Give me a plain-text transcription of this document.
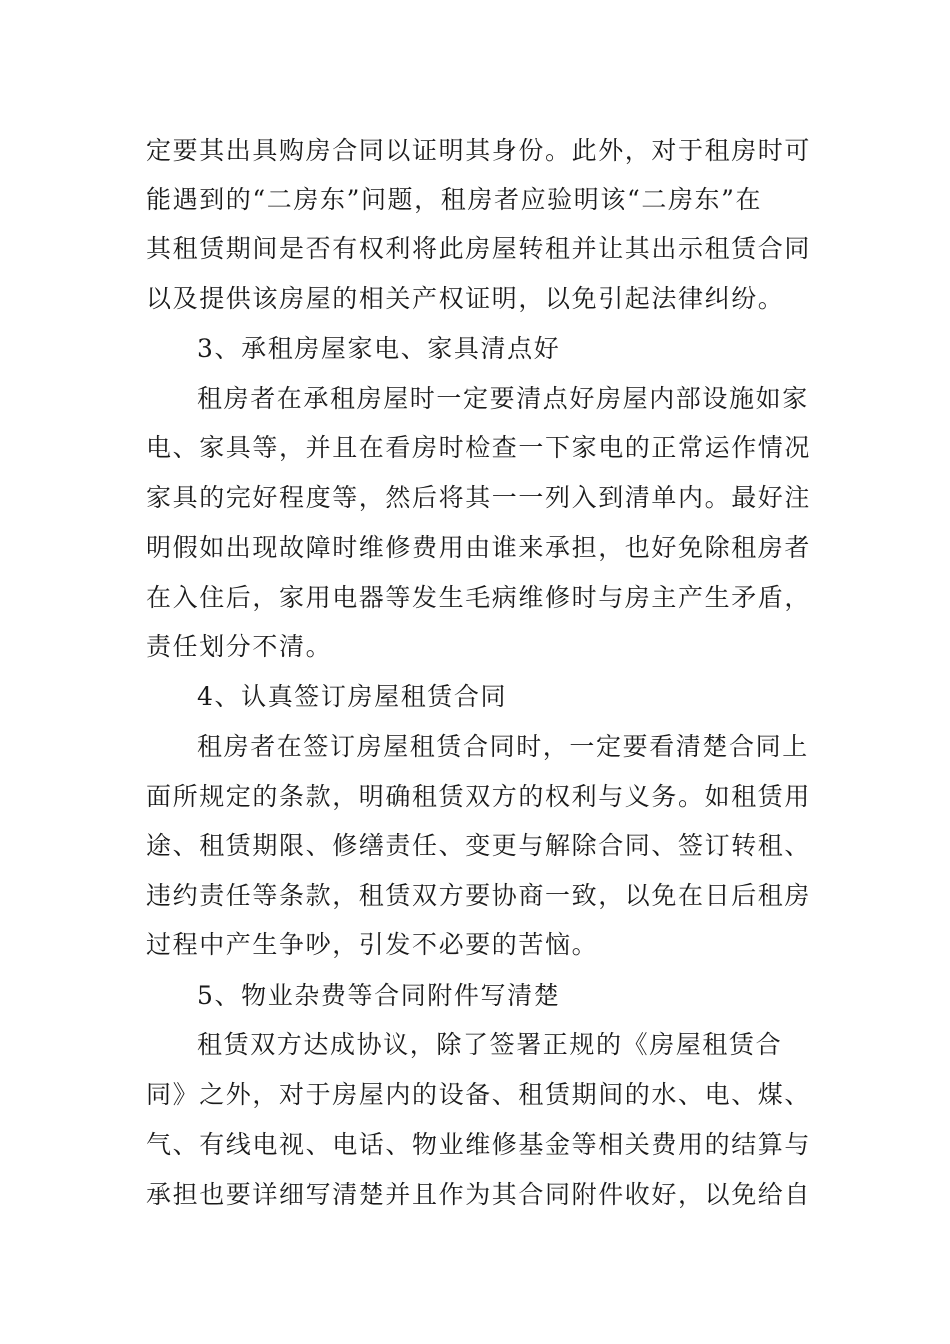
定要其出具购房合同以证明其身份。此外，对于租房时可
能遇到的“二房东”问题，租房者应验明该“二房东”在
其租赁期间是否有权利将此房屋转租并让其出示租赁合同
以及提供该房屋的相关产权证明，以免引起法律纠纷。
3、承租房屋家电、家具清点好
租房者在承租房屋时一定要清点好房屋内部设施如家
电、家具等，并且在看房时检查一下家电的正常运作情况
家具的完好程度等，然后将其一一列入到清单内。最好注
明假如出现故障时维修费用由谁来承担，也好免除租房者
在入住后，家用电器等发生毛病维修时与房主产生矛盾，
责任划分不清。
4、认真签订房屋租赁合同
租房者在签订房屋租赁合同时，一定要看清楚合同上
面所规定的条款，明确租赁双方的权利与义务。如租赁用
途、租赁期限、修缮责任、变更与解除合同、签订转租、
违约责任等条款，租赁双方要协商一致，以免在日后租房
过程中产生争吵，引发不必要的苦恼。
5、物业杂费等合同附件写清楚
租赁双方达成协议，除了签署正规的《房屋租赁合
同》之外，对于房屋内的设备、租赁期间的水、电、煤、
气、有线电视、电话、物业维修基金等相关费用的结算与
承担也要详细写清楚并且作为其合同附件收好，以免给自
